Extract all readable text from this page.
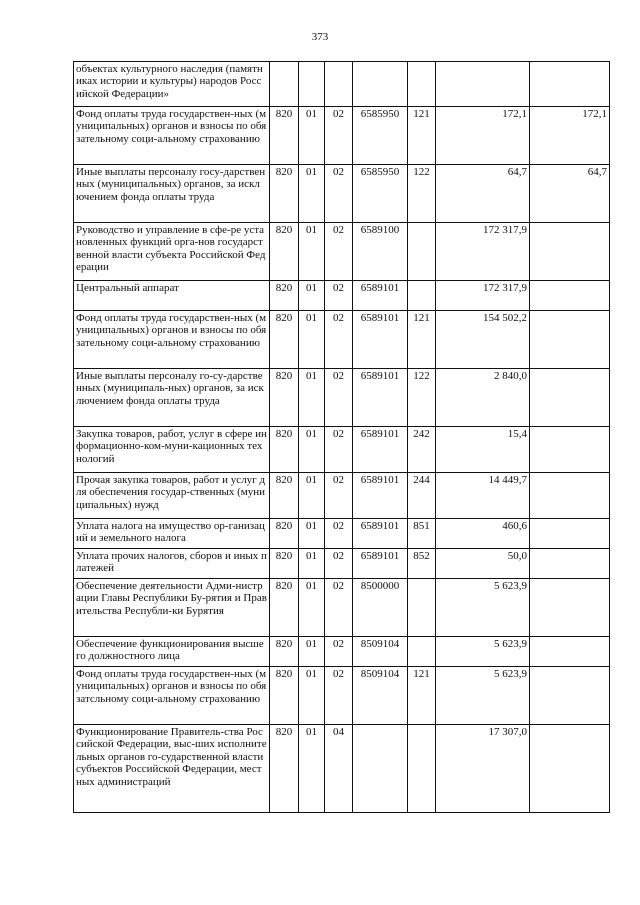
373
объектах культурного наследия (памятниках истории и культуры) народов Российской Федерации»							
Фонд оплаты труда государствен-ных (муниципальных) органов и взносы по обязательному соци-альному страхованию	820	01	02	6585950	121	172,1	172,1
Иные выплаты персоналу госу-дарственных (муниципальных) органов, за исключением фонда оплаты труда	820	01	02	6585950	122	64,7	64,7
Руководство и управление в сфе-ре установленных функций орга-нов государственной власти субъекта Российской Федерации	820	01	02	6589100		172 317,9	
Центральный аппарат	820	01	02	6589101		172 317,9	
Фонд оплаты труда государствен-ных (муниципальных) органов и взносы по обязательному соци-альному страхованию	820	01	02	6589101	121	154 502,2	
Иные выплаты персоналу го-су-дарственных (муниципаль-ных) органов, за исключением фонда оплаты труда	820	01	02	6589101	122	2 840,0	
Закупка товаров, работ, услуг в сфере информационно-ком-муни-кационных технологий	820	01	02	6589101	242	15,4	
Прочая закупка товаров, работ и услуг для обеспечения государ-ственных (муниципальных) нужд	820	01	02	6589101	244	14 449,7	
Уплата налога на имущество ор-ганизаций и земельного налога	820	01	02	6589101	851	460,6	
Уплата прочих налогов, сборов и иных платежей	820	01	02	6589101	852	50,0	
Обеспечение деятельности Адми-нистрации Главы Республики Бу-рятия и Правительства Республи-ки Бурятия	820	01	02	8500000		5 623,9	
Обеспечение функционирования высшего должностного лица	820	01	02	8509104		5 623,9	
Фонд оплаты труда государствен-ных (муниципальных) органов и взносы по обязатсльному соци-альному страхованию	820	01	02	8509104	121	5 623,9	
Функционирование Правитель-ства Российской Федерации, выс-ших исполнительных органов го-сударственной власти субъектов Российской Федерации, местных администраций	820	01	04			17 307,0	
